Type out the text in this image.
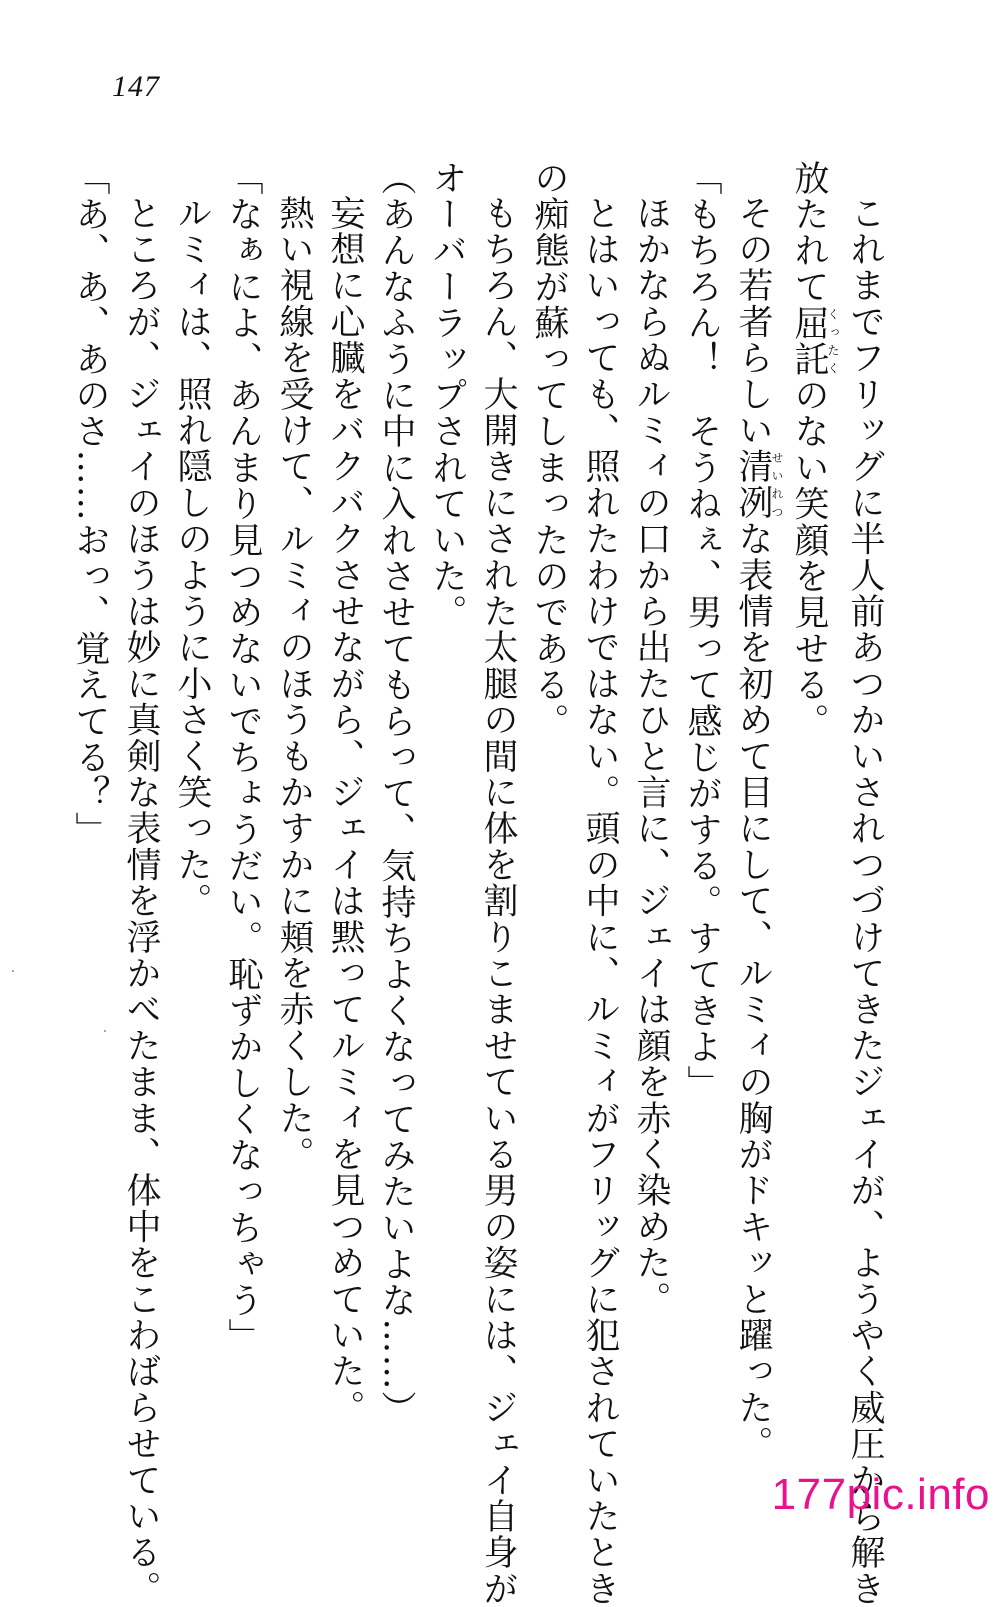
147
これまでフリッグに半人前あつかいされつづけてきたジェイが、ようやく威圧から解き
放たれて屈託くったくのない笑顔を見せる。
その若者らしい清冽せいれつな表情を初めて目にして、ルミィの胸がドキッと躍った。
「もちろん！　そうねぇ、男って感じがする。すてきよ」
ほかならぬルミィの口から出たひと言に、ジェイは顔を赤く染めた。
とはいっても、照れたわけではない。頭の中に、ルミィがフリッグに犯されていたとき
の痴態が蘇ってしまったのである。
もちろん、大開きにされた太腿の間に体を割りこませている男の姿には、ジェイ自身が
オーバーラップされていた。
（あんなふうに中に入れさせてもらって、気持ちよくなってみたいよな……）
妄想に心臓をバクバクさせながら、ジェイは黙ってルミィを見つめていた。
熱い視線を受けて、ルミィのほうもかすかに頬を赤くした。
「なぁによ、あんまり見つめないでちょうだい。恥ずかしくなっちゃう」
ルミィは、照れ隠しのように小さく笑った。
ところが、ジェイのほうは妙に真剣な表情を浮かべたまま、体中をこわばらせている。
「あ、あ、あのさ……おっ、覚えてる？」
177pic.info
